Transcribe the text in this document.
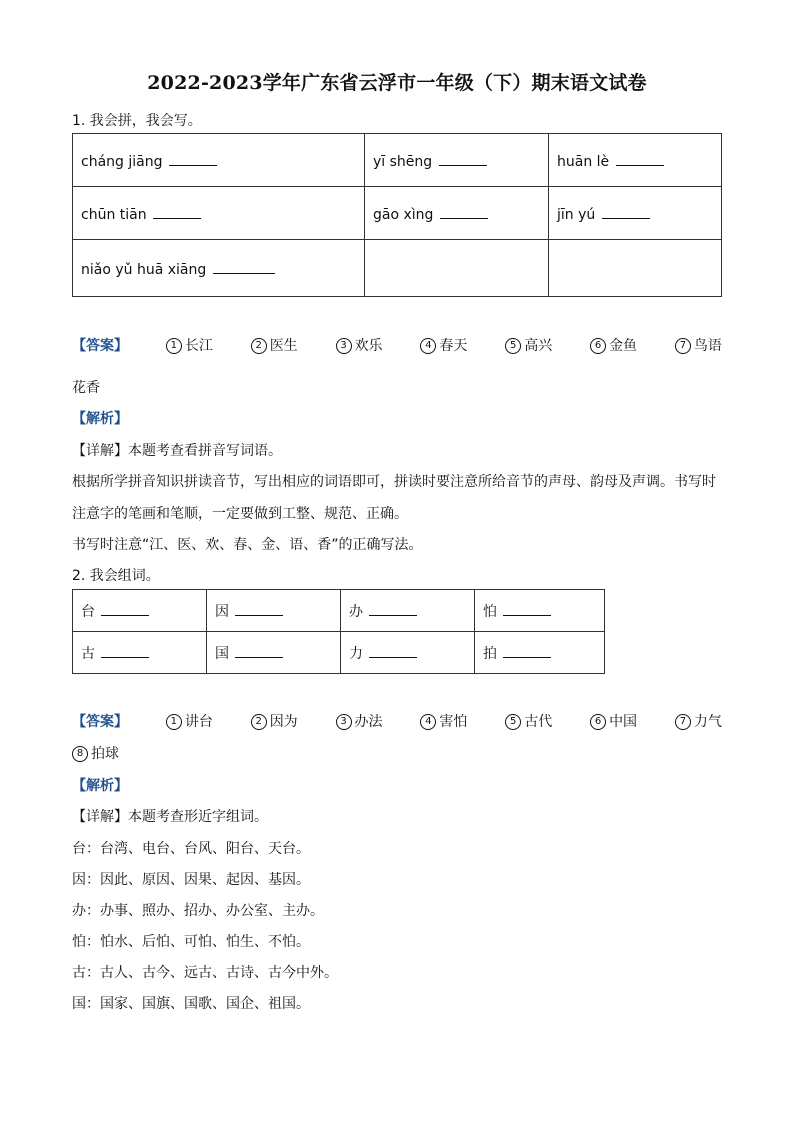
2022-2023学年广东省云浮市一年级（下）期末语文试卷
1. 我会拼，我会写。
cháng jiāng	yī shēng	huān lè
chūn tiān	gāo xìng	jīn yú
niǎo yǔ huā xiāng		
【答案】	1 长江	2 医生	3 欢乐	4 春天	5 高兴	6 金鱼	7 鸟语
花香
【解析】
【详解】本题考查看拼音写词语。
根据所学拼音知识拼读音节，写出相应的词语即可，拼读时要注意所给音节的声母、韵母及声调。书写时
注意字的笔画和笔顺，一定要做到工整、规范、正确。
书写时注意“江、医、欢、春、金、语、香”的正确写法。
2. 我会组词。
台	因	办	怕
古	国	力	拍
【答案】	1 讲台	2 因为	3 办法	4 害怕	5 古代	6 中国	7 力气
8 拍球
【解析】
【详解】本题考查形近字组词。
台：台湾、电台、台风、阳台、天台。
因：因此、原因、因果、起因、基因。
办：办事、照办、招办、办公室、主办。
怕：怕水、后怕、可怕、怕生、不怕。
古：古人、古今、远古、古诗、古今中外。
国：国家、国旗、国歌、国企、祖国。
